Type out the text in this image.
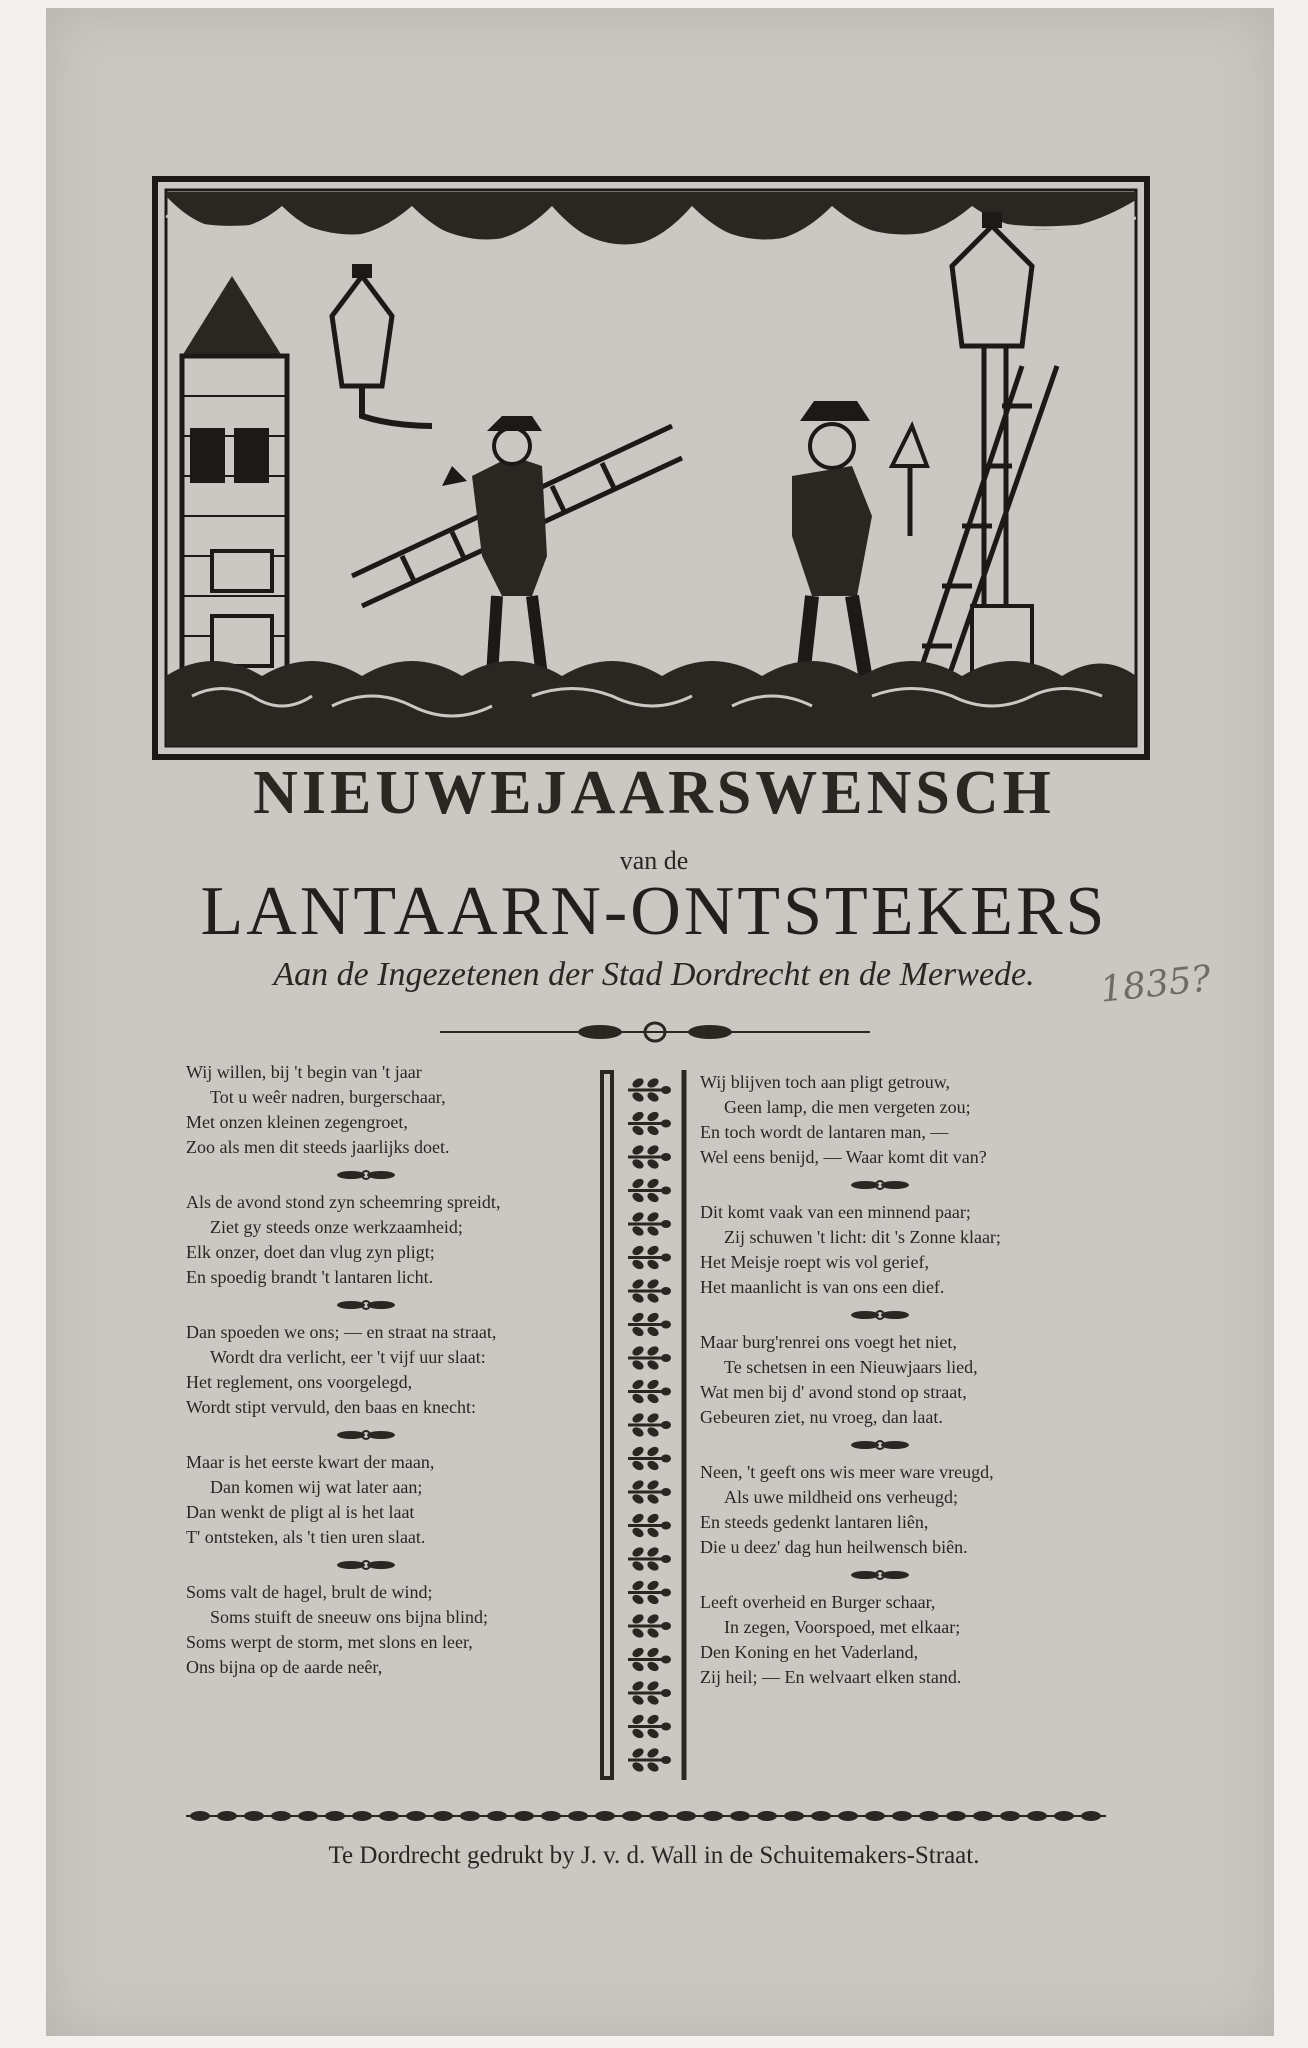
NIEUWEJAARSWENSCH
van de
LANTAARN-ONTSTEKERS
Aan de Ingezetenen der Stad Dordrecht en de Merwede.	1835?
Wij willen, bij 't begin van 't jaar
Tot u weêr nadren, burgerschaar,
Met onzen kleinen zegengroet,
Zoo als men dit steeds jaarlijks doet.
Als de avond stond zyn scheemring spreidt,
Ziet gy steeds onze werkzaamheid;
Elk onzer, doet dan vlug zyn pligt;
En spoedig brandt 't lantaren licht.
Dan spoeden we ons; — en straat na straat,
Wordt dra verlicht, eer 't vijf uur slaat:
Het reglement, ons voorgelegd,
Wordt stipt vervuld, den baas en knecht:
Maar is het eerste kwart der maan,
Dan komen wij wat later aan;
Dan wenkt de pligt al is het laat
T' ontsteken, als 't tien uren slaat.
Soms valt de hagel, brult de wind;
Soms stuift de sneeuw ons bijna blind;
Soms werpt de storm, met slons en leer,
Ons bijna op de aarde neêr,
Wij blijven toch aan pligt getrouw,
Geen lamp, die men vergeten zou;
En toch wordt de lantaren man, —
Wel eens benijd, — Waar komt dit van?
Dit komt vaak van een minnend paar;
Zij schuwen 't licht: dit 's Zonne klaar;
Het Meisje roept wis vol gerief,
Het maanlicht is van ons een dief.
Maar burg'renrei ons voegt het niet,
Te schetsen in een Nieuwjaars lied,
Wat men bij d' avond stond op straat,
Gebeuren ziet, nu vroeg, dan laat.
Neen, 't geeft ons wis meer ware vreugd,
Als uwe mildheid ons verheugd;
En steeds gedenkt lantaren liên,
Die u deez' dag hun heilwensch biên.
Leeft overheid en Burger schaar,
In zegen, Voorspoed, met elkaar;
Den Koning en het Vaderland,
Zij heil; — En welvaart elken stand.
Te Dordrecht gedrukt by J. v. d. Wall in de Schuitemakers-Straat.
